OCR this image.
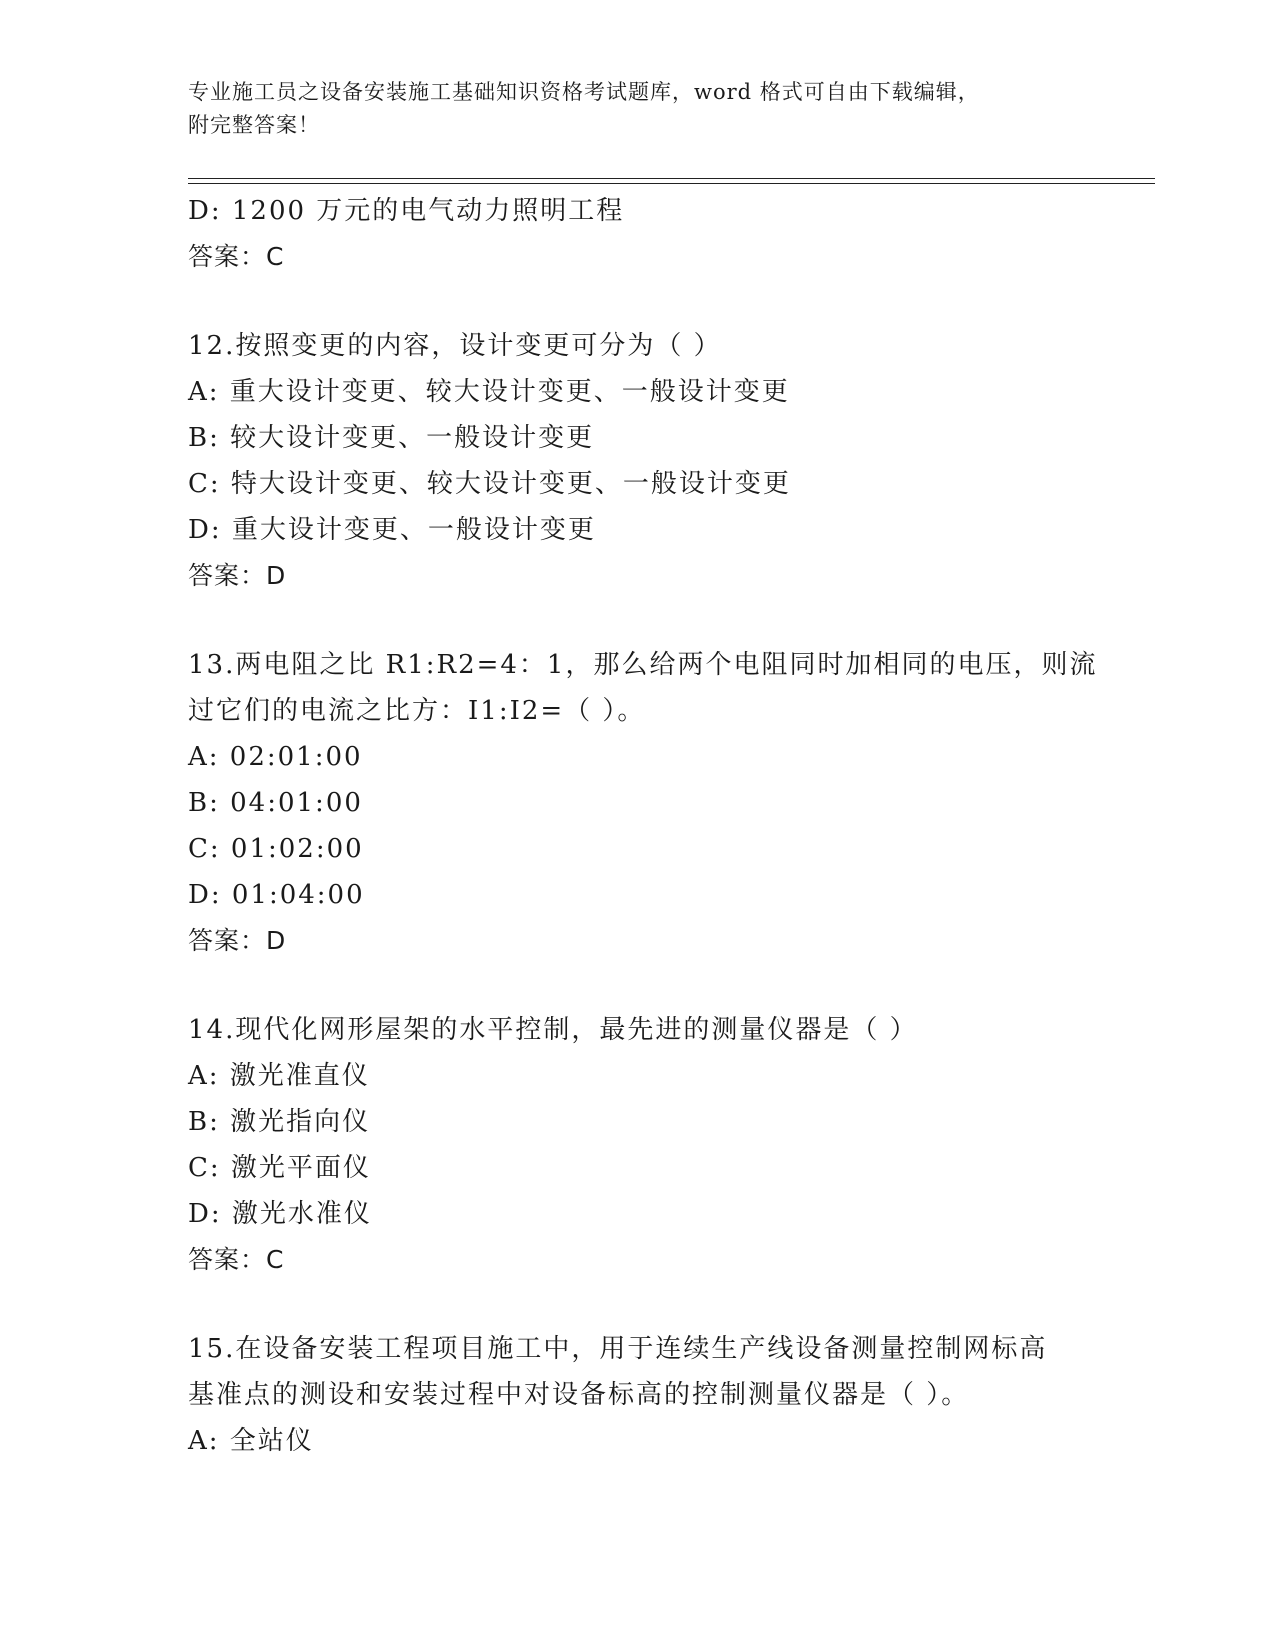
专业施工员之设备安装施工基础知识资格考试题库，word 格式可自由下载编辑，
附完整答案！
D: 1200 万元的电气动力照明工程
答案：C
12.按照变更的内容，设计变更可分为（ ）
A: 重大设计变更、较大设计变更、一般设计变更
B: 较大设计变更、一般设计变更
C: 特大设计变更、较大设计变更、一般设计变更
D: 重大设计变更、一般设计变更
答案：D
13.两电阻之比 R1:R2=4：1，那么给两个电阻同时加相同的电压，则流
过它们的电流之比方：I1:I2=（ ）。
A: 02:01:00
B: 04:01:00
C: 01:02:00
D: 01:04:00
答案：D
14.现代化网形屋架的水平控制，最先进的测量仪器是（ ）
A: 激光准直仪
B: 激光指向仪
C: 激光平面仪
D: 激光水准仪
答案：C
15.在设备安装工程项目施工中，用于连续生产线设备测量控制网标高
基准点的测设和安装过程中对设备标高的控制测量仪器是（ ）。
A: 全站仪
